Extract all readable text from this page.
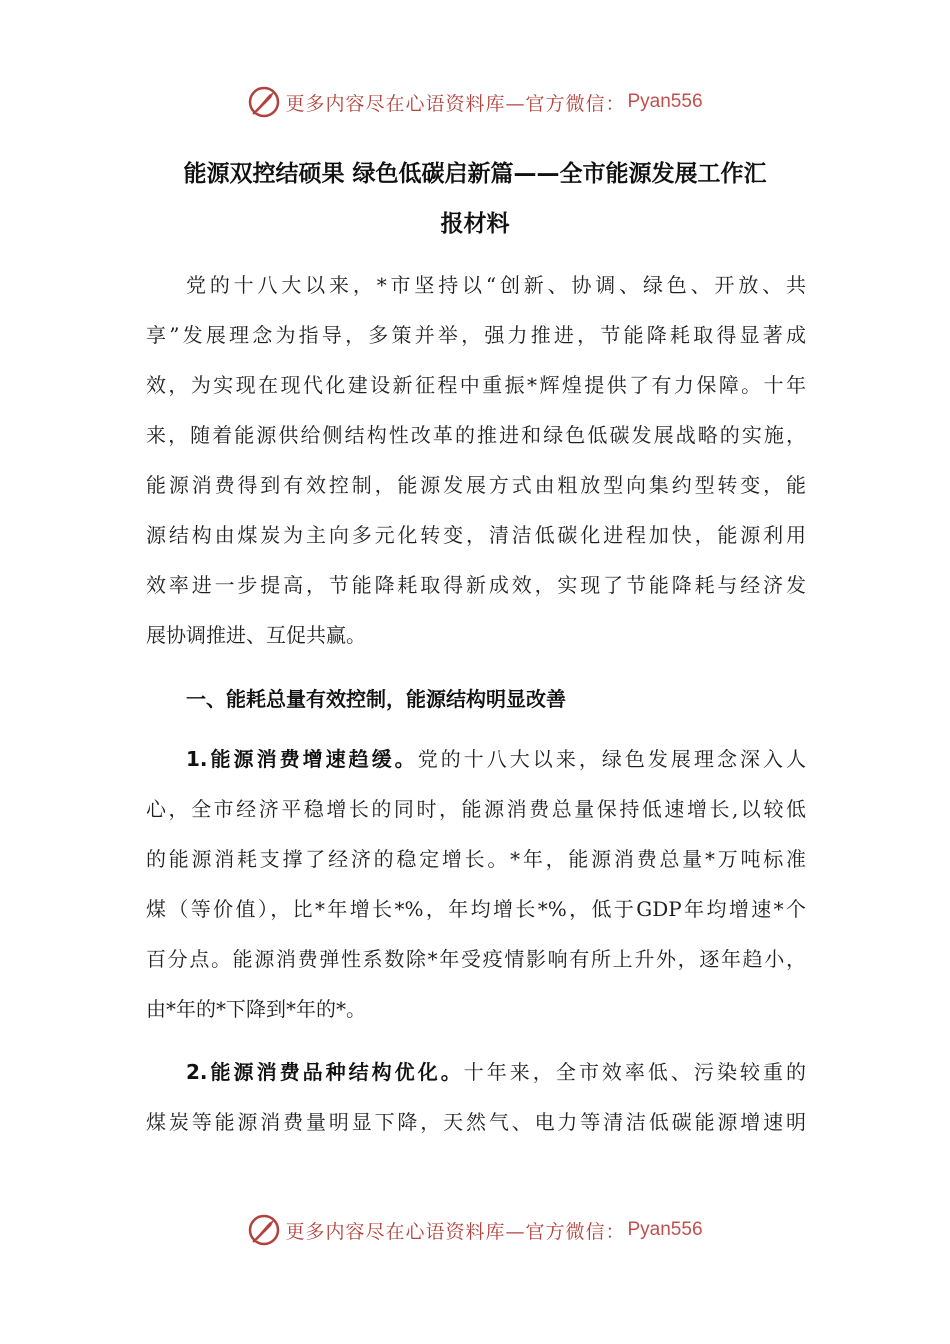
更多内容尽在心语资料库—官方微信： Pyan556
能源双控结硕果 绿色低碳启新篇——全市能源发展工作汇
报材料
党的十八大以来，*市坚持以“创新、协调、绿色、开放、共
享”发展理念为指导，多策并举，强力推进，节能降耗取得显著成
效，为实现在现代化建设新征程中重振*辉煌提供了有力保障。十年
来，随着能源供给侧结构性改革的推进和绿色低碳发展战略的实施，
能源消费得到有效控制，能源发展方式由粗放型向集约型转变，能
源结构由煤炭为主向多元化转变，清洁低碳化进程加快，能源利用
效率进一步提高，节能降耗取得新成效，实现了节能降耗与经济发
展协调推进、互促共赢。
一、能耗总量有效控制，能源结构明显改善
1.能源消费增速趋缓。党的十八大以来，绿色发展理念深入人
心，全市经济平稳增长的同时，能源消费总量保持低速增长,以较低
的能源消耗支撑了经济的稳定增长。*年，能源消费总量*万吨标准
煤（等价值），比*年增长*%，年均增长*%，低于GDP年均增速*个
百分点。能源消费弹性系数除*年受疫情影响有所上升外，逐年趋小，
由*年的*下降到*年的*。
2.能源消费品种结构优化。十年来，全市效率低、污染较重的
煤炭等能源消费量明显下降，天然气、电力等清洁低碳能源增速明
更多内容尽在心语资料库—官方微信： Pyan556
